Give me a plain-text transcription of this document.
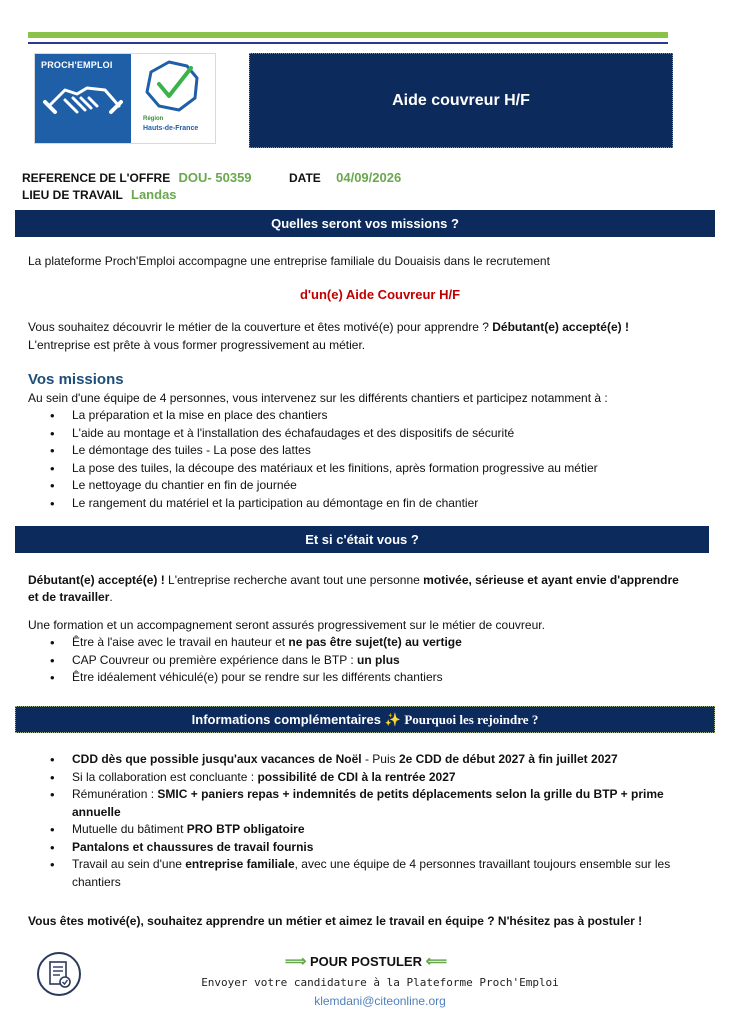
PROCH'EMPLOI
Région
Hauts-de-France
Aide couvreur H/F
REFERENCE DE L'OFFRE DOU- 50359	DATE 04/09/2026
LIEU DE TRAVAIL Landas
Quelles seront vos missions ?
La plateforme Proch'Emploi accompagne une entreprise familiale du Douaisis dans le recrutement
d'un(e) Aide Couvreur H/F
Vous souhaitez découvrir le métier de la couverture et êtes motivé(e) pour apprendre ? Débutant(e) accepté(e) !
L'entreprise est prête à vous former progressivement au métier.
Vos missions
Au sein d'une équipe de 4 personnes, vous intervenez sur les différents chantiers et participez notamment à :
• La préparation et la mise en place des chantiers
• L'aide au montage et à l'installation des échafaudages et des dispositifs de sécurité
• Le démontage des tuiles - La pose des lattes
• La pose des tuiles, la découpe des matériaux et les finitions, après formation progressive au métier
• Le nettoyage du chantier en fin de journée
• Le rangement du matériel et la participation au démontage en fin de chantier
Et si c'était vous ?
Débutant(e) accepté(e) ! L'entreprise recherche avant tout une personne motivée, sérieuse et ayant envie d'apprendre
et de travailler.
Une formation et un accompagnement seront assurés progressivement sur le métier de couvreur.
• Être à l'aise avec le travail en hauteur et ne pas être sujet(te) au vertige
• CAP Couvreur ou première expérience dans le BTP : un plus
• Être idéalement véhiculé(e) pour se rendre sur les différents chantiers
Informations complémentaires ✨ Pourquoi les rejoindre ?
• CDD dès que possible jusqu'aux vacances de Noël - Puis 2e CDD de début 2027 à fin juillet 2027
• Si la collaboration est concluante : possibilité de CDI à la rentrée 2027
• Rémunération : SMIC + paniers repas + indemnités de petits déplacements selon la grille du BTP + prime
annuelle
• Mutuelle du bâtiment PRO BTP obligatoire
• Pantalons et chaussures de travail fournis
• Travail au sein d'une entreprise familiale, avec une équipe de 4 personnes travaillant toujours ensemble sur les
chantiers
Vous êtes motivé(e), souhaitez apprendre un métier et aimez le travail en équipe ? N'hésitez pas à postuler !
⟹ POUR POSTULER ⟸
Envoyer votre candidature à la Plateforme Proch'Emploi
klemdani@citeonline.org
